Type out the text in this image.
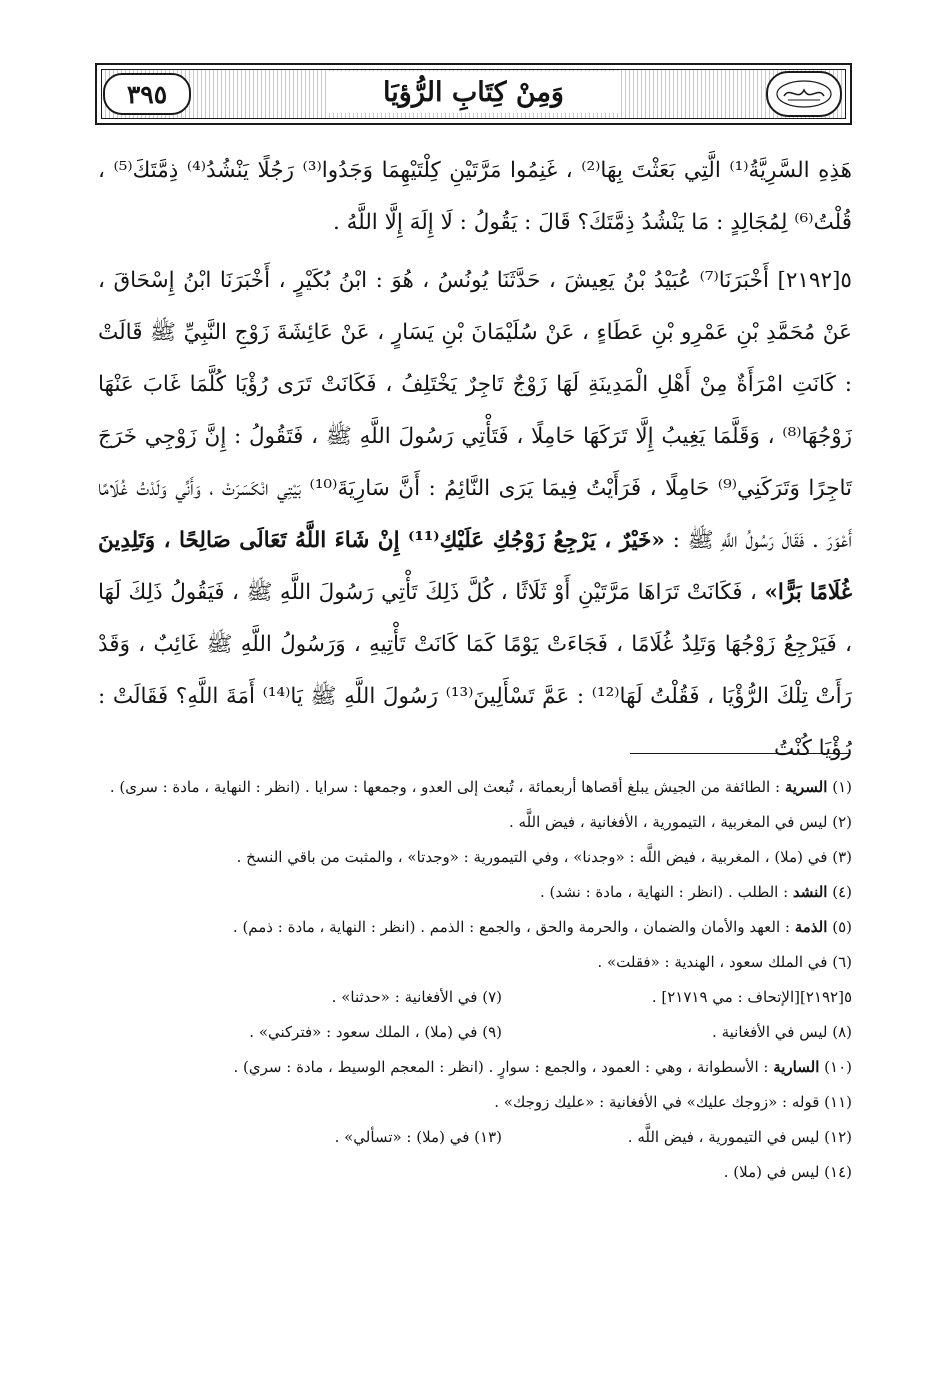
وَمِنْ كِتَابِ الرُّؤيَا
٣٩٥

هَذِهِ السَّرِيَّةُ⁽¹⁾ الَّتِي بَعَثْتَ بِهَا⁽²⁾ ، غَنِمُوا مَرَّتَيْنِ كِلْتَيْهِمَا وَجَدُوا⁽³⁾ رَجُلًا يَنْشُدُ⁽⁴⁾ ذِمَّتَكَ⁽⁵⁾ ، قُلْتُ⁽⁶⁾ لِمُجَالِدٍ : مَا يَنْشُدُ ذِمَّتَكَ؟ قَالَ : يَقُولُ : لَا إِلَهَ إِلَّا اللَّهُ .

٥[٢١٩٢] أَخْبَرَنَا⁽⁷⁾ عُبَيْدُ بْنُ يَعِيشَ ، حَدَّثَنَا يُونُسُ ، هُوَ : ابْنُ بُكَيْرٍ ، أَخْبَرَنَا ابْنُ إِسْحَاقَ ، عَنْ مُحَمَّدِ بْنِ عَمْرِو بْنِ عَطَاءٍ ، عَنْ سُلَيْمَانَ بْنِ يَسَارٍ ، عَنْ عَائِشَةَ زَوْجِ النَّبِيِّ ﷺ قَالَتْ : كَانَتِ امْرَأَةٌ مِنْ أَهْلِ الْمَدِينَةِ لَهَا زَوْجٌ تَاجِرٌ يَخْتَلِفُ ، فَكَانَتْ تَرَى رُؤْيَا كُلَّمَا غَابَ عَنْهَا زَوْجُهَا⁽⁸⁾ ، وَقَلَّمَا يَغِيبُ إِلَّا تَرَكَهَا حَامِلًا ، فَتَأْتِي رَسُولَ اللَّهِ ﷺ ، فَتَقُولُ : إِنَّ زَوْجِي خَرَجَ تَاجِرًا وَتَرَكَنِي⁽⁹⁾ حَامِلًا ، فَرَأَيْتُ فِيمَا يَرَى النَّائِمُ : أَنَّ سَارِيَةَ⁽¹⁰⁾ بَيْتِي انْكَسَرَتْ ، وَأَنِّي وَلَدْتُ غُلَامًا أَعْوَرَ . فَقَالَ رَسُولُ اللَّهِ ﷺ : «خَيْرٌ ، يَرْجِعُ زَوْجُكِ عَلَيْكِ⁽¹¹⁾ إِنْ شَاءَ اللَّهُ تَعَالَى صَالِحًا ، وَتَلِدِينَ غُلَامًا بَرًّا» ، فَكَانَتْ تَرَاهَا مَرَّتَيْنِ أَوْ ثَلَاثًا ، كُلَّ ذَلِكَ تَأْتِي رَسُولَ اللَّهِ ﷺ ، فَيَقُولُ ذَلِكَ لَهَا ، فَيَرْجِعُ زَوْجُهَا وَتَلِدُ غُلَامًا ، فَجَاءَتْ يَوْمًا كَمَا كَانَتْ تَأْتِيهِ ، وَرَسُولُ اللَّهِ ﷺ غَائِبٌ ، وَقَدْ رَأَتْ تِلْكَ الرُّؤْيَا ، فَقُلْتُ لَهَا⁽¹²⁾ : عَمَّ تَسْأَلِينَ⁽¹³⁾ رَسُولَ اللَّهِ ﷺ يَا⁽¹⁴⁾ أَمَةَ اللَّهِ؟ فَقَالَتْ : رُؤْيَا كُنْتُ

(١) السرية : الطائفة من الجيش يبلغ أقصاها أربعمائة ، تُبعث إلى العدو ، وجمعها : سرايا . (انظر : النهاية ، مادة : سرى) .

(٢) ليس في المغربية ، التيمورية ، الأفغانية ، فيض اللَّه .

(٣) في (ملا) ، المغربية ، فيض اللَّه : «وجدنا» ، وفي التيمورية : «وجدتا» ، والمثبت من باقي النسخ .

(٤) النشد : الطلب . (انظر : النهاية ، مادة : نشد) .

(٥) الذمة : العهد والأمان والضمان ، والحرمة والحق ، والجمع : الذمم . (انظر : النهاية ، مادة : ذمم) .

(٦) في الملك سعود ، الهندية : «فقلت» .

٥[٢١٩٢][الإتحاف : مي ٢١٧١٩] .
(٧) في الأفغانية : «حدثنا» .
(٨) ليس في الأفغانية .
(٩) في (ملا) ، الملك سعود : «فتركني» .

(١٠) السارية : الأسطوانة ، وهي : العمود ، والجمع : سوارٍ . (انظر : المعجم الوسيط ، مادة : سري) .

(١١) قوله : «زوجك عليك» في الأفغانية : «عليك زوجك» .

(١٢) ليس في التيمورية ، فيض اللَّه .
(١٣) في (ملا) : «تسألي» .

(١٤) ليس في (ملا) .
